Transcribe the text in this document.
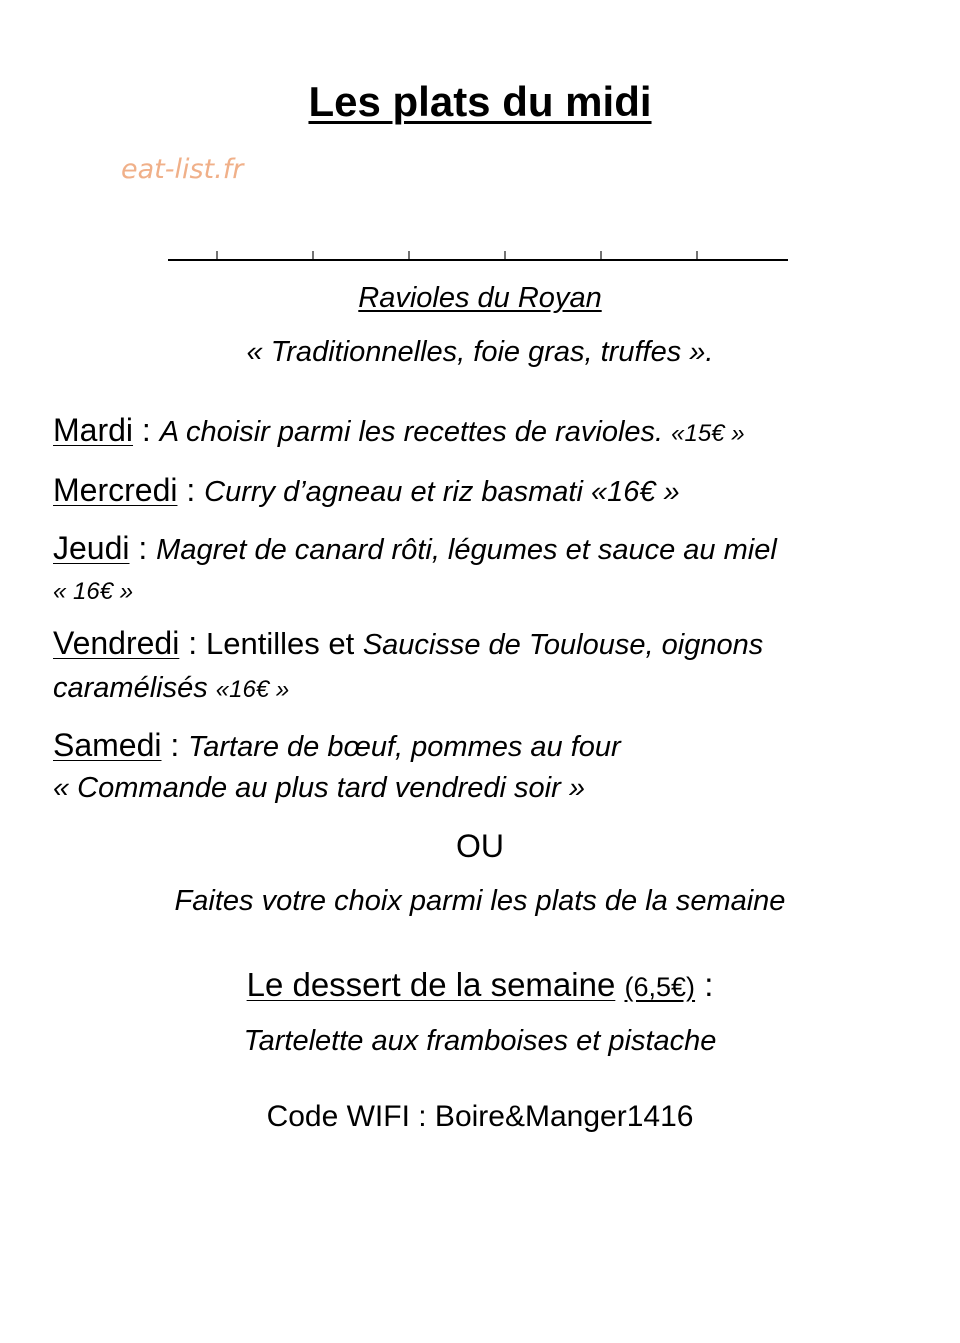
Les plats du midi
eat-list.fr
Ravioles du Royan
« Traditionnelles, foie gras, truffes ».
Mardi : A choisir parmi les recettes de ravioles. «15€ »
Mercredi : Curry d’agneau et riz basmati «16€ »
Jeudi : Magret de canard rôti, légumes et sauce au miel
« 16€ »
Vendredi : Lentilles et Saucisse de Toulouse, oignons
caramélisés «16€ »
Samedi : Tartare de bœuf, pommes au four
« Commande au plus tard vendredi soir »
OU
Faites votre choix parmi les plats de la semaine
Le dessert de la semaine (6,5€) :
Tartelette aux framboises et pistache
Code WIFI : Boire&Manger1416
